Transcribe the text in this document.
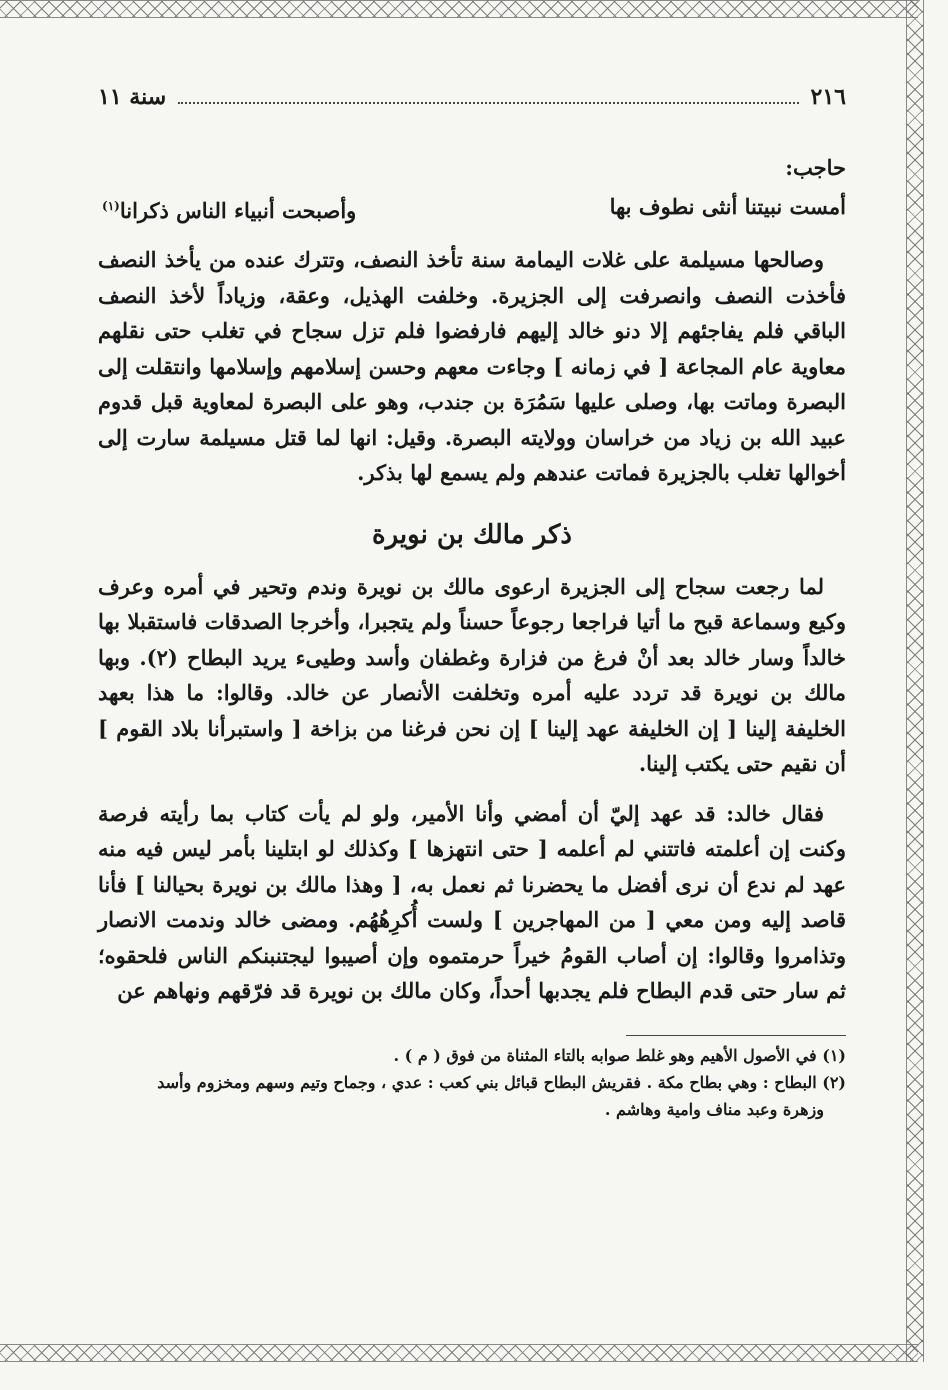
٢١٦
سنة ١١
حاجب:
أمست نبيتنا أنثى نطوف بها
وأصبحت أنبياء الناس ذكرانا$^{(١)}$

وصالحها مسيلمة على غلات اليمامة سنة تأخذ النصف، وتترك عنده من يأخذ النصف فأخذت النصف وانصرفت إلى الجزيرة. وخلفت الهذيل، وعقة، وزياداً لأخذ النصف الباقي فلم يفاجئهم إلا دنو خالد إليهم فارفضوا فلم تزل سجاح في تغلب حتى نقلهم معاوية عام المجاعة [ في زمانه ] وجاءت معهم وحسن إسلامهم وإسلامها وانتقلت إلى البصرة وماتت بها، وصلى عليها سَمُرَة بن جندب، وهو على البصرة لمعاوية قبل قدوم عبيد الله بن زياد من خراسان وولايته البصرة. وقيل: انها لما قتل مسيلمة سارت إلى أخوالها تغلب بالجزيرة فماتت عندهم ولم يسمع لها بذكر.

ذكر مالك بن نويرة

لما رجعت سجاح إلى الجزيرة ارعوى مالك بن نويرة وندم وتحير في أمره وعرف وكيع وسماعة قبح ما أتيا فراجعا رجوعاً حسناً ولم يتجبرا، وأخرجا الصدقات فاستقبلا بها خالداً وسار خالد بعد أنْ فرغ من فزارة وغطفان وأسد وطيىء يريد البطاح (٢). وبها مالك بن نويرة قد تردد عليه أمره وتخلفت الأنصار عن خالد. وقالوا: ما هذا بعهد الخليفة إلينا [ إن الخليفة عهد إلينا ] إن نحن فرغنا من بزاخة [ واستبرأنا بلاد القوم ] أن نقيم حتى يكتب إلينا.

فقال خالد: قد عهد إليّ أن أمضي وأنا الأمير، ولو لم يأت كتاب بما رأيته فرصة وكنت إن أعلمته فاتتني لم أعلمه [ حتى انتهزها ] وكذلك لو ابتلينا بأمر ليس فيه منه عهد لم ندع أن نرى أفضل ما يحضرنا ثم نعمل به، [ وهذا مالك بن نويرة بحيالنا ] فأنا قاصد إليه ومن معي [ من المهاجرين ] ولست أُكرِهُهُم. ومضى خالد وندمت الانصار وتذامروا وقالوا: إن أصاب القومُ خيراً حرمتموه وإن أصيبوا ليجتنبنكم الناس فلحقوه؛ ثم سار حتى قدم البطاح فلم يجدبها أحداً، وكان مالك بن نويرة قد فرّقهم ونهاهم عن

(١) في الأصول الأهيم وهو غلط صوابه بالتاء المثناة من فوق ( م ) .

(٢) البطاح : وهي بطاح مكة . فقريش البطاح قبائل بني كعب : عدي ، وجماح وتيم وسهم ومخزوم وأسد

وزهرة وعبد مناف وامية وهاشم .
